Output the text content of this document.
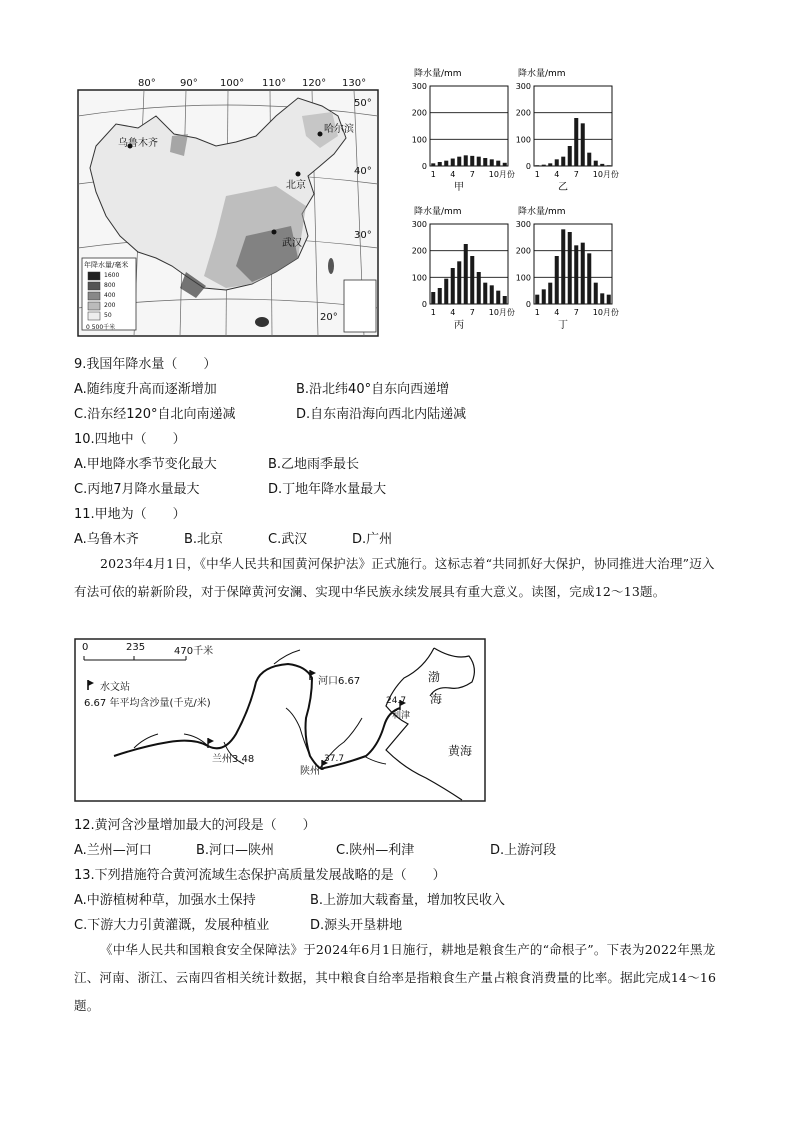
80° 90° 100° 110° 120° 130°
50°
40°
30°
20°
乌鲁木齐
哈尔滨
北京
武汉
年降水量/毫米
1600
800
400
200
50
0 500千米
降水量/mm
0
100
200
300
1 4 7 10月份
甲
降水量/mm
0
100
200
300
1 4 7 10月份
乙
降水量/mm
0
100
200
300
1 4 7 10月份
丙
降水量/mm
0
100
200
300
1 4 7 10月份
丁
9.我国年降水量（　　）
A.随纬度升高而逐渐增加	B.沿北纬40°自东向西递增
C.沿东经120°自北向南递减	D.自东南沿海向西北内陆递减
10.四地中（　　）
A.甲地降水季节变化最大	B.乙地雨季最长
C.丙地7月降水量最大	D.丁地年降水量最大
11.甲地为（　　）
A.乌鲁木齐	B.北京	C.武汉	D.广州
2023年4月1日，《中华人民共和国黄河保护法》正式施行。这标志着“共同抓好大保护，协同推进大治理”迈入有法可依的崭新阶段，对于保障黄河安澜、实现中华民族永续发展具有重大意义。读图，完成12～13题。
0	235	470千米
水文站
6.67 年平均含沙量(千克/米)
河口6.67
兰州3.48	37.7
陕州
24.7
利津
渤
海
黄海
12.黄河含沙量增加最大的河段是（　　）
A.兰州—河口	B.河口—陕州	C.陕州—利津	D.上游河段
13.下列措施符合黄河流域生态保护高质量发展战略的是（　　）
A.中游植树种草，加强水土保持	B.上游加大载畜量，增加牧民收入
C.下游大力引黄灌溉，发展种植业	D.源头开垦耕地
《中华人民共和国粮食安全保障法》于2024年6月1日施行，耕地是粮食生产的“命根子”。下表为2022年黑龙江、河南、浙江、云南四省相关统计数据，其中粮食自给率是指粮食生产量占粮食消费量的比率。据此完成14～16题。
